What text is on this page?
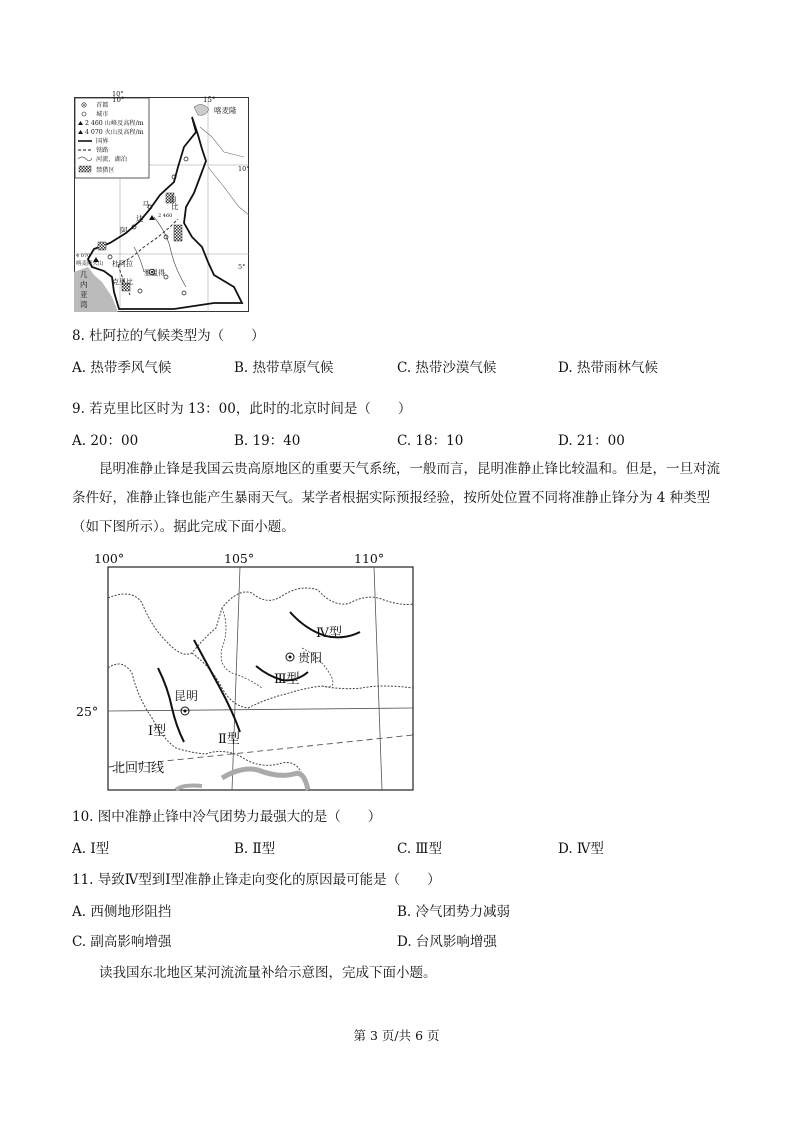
首都
城市
2 460 山峰及高程/m
4 070 火山及高程/m
国界
铁路
河流、湖泊
禁猎区
10°
5°
10°
喀麦隆
山
马	比
达
阿
2 460
4 070
喀麦隆火山 杜阿拉
雅温得
克里比
几
内
亚
湾
10°	15°
8. 杜阿拉的气候类型为（　　）
A. 热带季风气候	B. 热带草原气候	C. 热带沙漠气候	D. 热带雨林气候
9. 若克里比区时为 13：00，此时的北京时间是（　　）
A. 20：00	B. 19：40	C. 18：10	D. 21：00
昆明准静止锋是我国云贵高原地区的重要天气系统，一般而言，昆明准静止锋比较温和。但是，一旦对流条件好，准静止锋也能产生暴雨天气。某学者根据实际预报经验，按所处位置不同将准静止锋分为 4 种类型（如下图所示）。据此完成下面小题。
100°	105°	110°
25°
昆明
贵阳
Ⅰ型
Ⅱ型
Ⅲ型
Ⅳ型
北回归线
10. 图中准静止锋中冷气团势力最强大的是（　　）
A. Ⅰ型	B. Ⅱ型	C. Ⅲ型	D. Ⅳ型
11. 导致Ⅳ型到Ⅰ型准静止锋走向变化的原因最可能是（　　）
A. 西侧地形阻挡	B. 冷气团势力减弱
C. 副高影响增强	D. 台风影响增强
读我国东北地区某河流流量补给示意图，完成下面小题。
第 3 页/共 6 页
